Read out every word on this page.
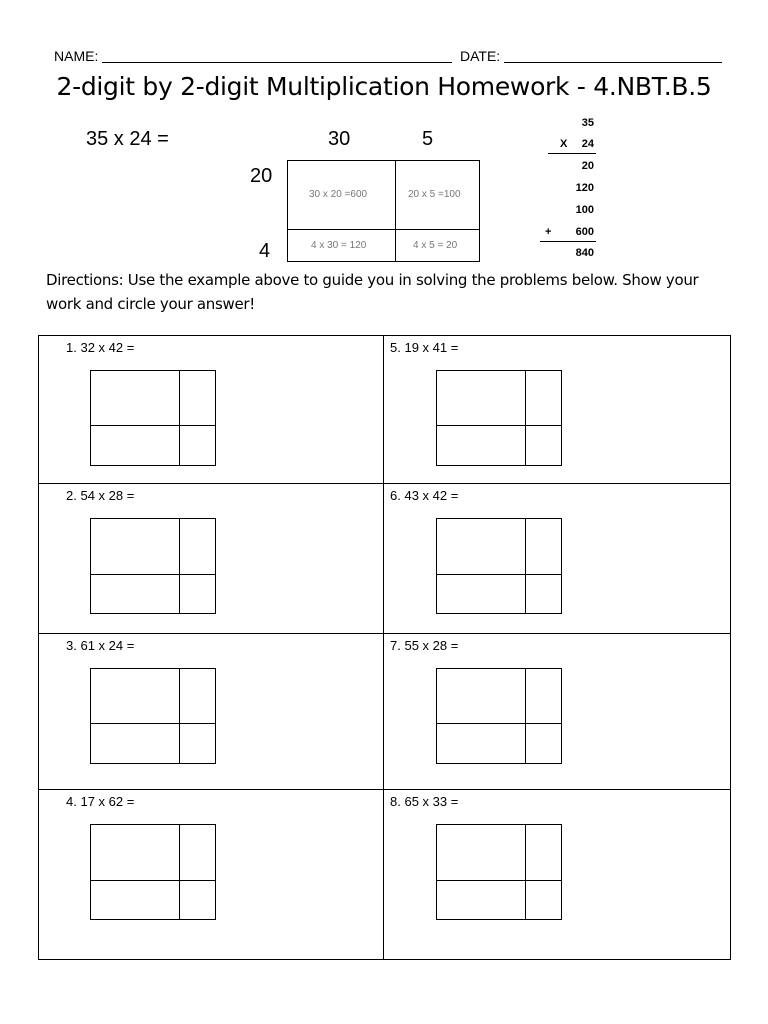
NAME:	DATE:
2-digit by 2-digit Multiplication Homework - 4.NBT.B.5
35 x 24 =	30	5
20
4
30 x 20 =600	20 x 5 =100
4 x 30 = 120	4 x 5 = 20
35
X	24
20
120
100
+	600
840
Directions: Use the example above to guide you in solving the problems below. Show your work and circle your answer!
1. 32 x 42 =
2. 54 x 28 =
3. 61 x 24 =
4. 17 x 62 =
5. 19 x 41 =
6. 43 x 42 =
7. 55 x 28 =
8. 65 x 33 =
